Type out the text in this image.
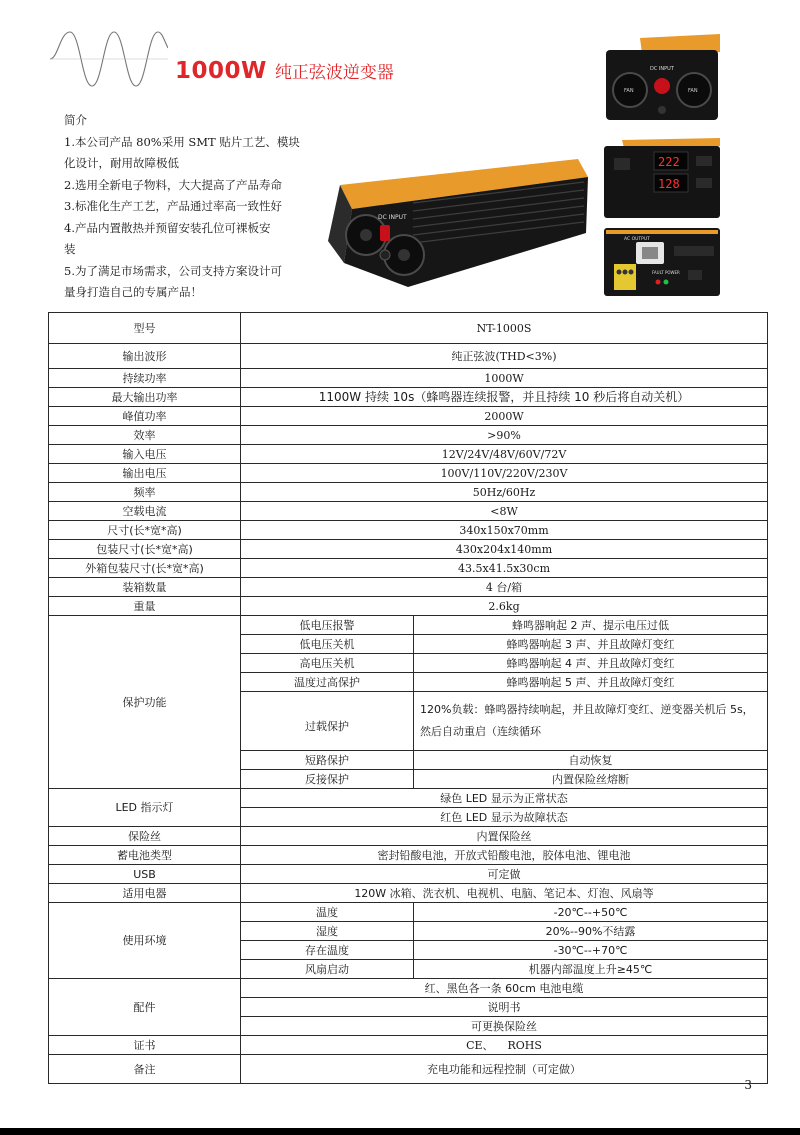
1000W 纯正弦波逆变器

简介

1.本公司产品 80%采用 SMT 贴片工艺、模块

化设计，耐用故障极低

2.选用全新电子物料，大大提高了产品寿命

3.标准化生产工艺，产品通过率高一致性好

4.产品内置散热并预留安装孔位可裸板安

装

5.为了满足市场需求，公司支持方案设计可

量身打造自己的专属产品！

DC INPUT
DC INPUT
FAN	FAN
222
128
AC OUTPUT
FAULT POWER
型号	NT-1000S	
输出波形	纯正弦波(THD<3%)	
持续功率	1000W	
最大输出功率	1100W 持续 10s（蜂鸣器连续报警，并且持续 10 秒后将自动关机）	
峰值功率	2000W	
效率	>90%	
输入电压	12V/24V/48V/60V/72V	
输出电压	100V/110V/220V/230V	
频率	50Hz/60Hz	
空载电流	<8W	
尺寸(长*宽*高)	340x150x70mm	
包装尺寸(长*宽*高)	430x204x140mm	
外箱包装尺寸(长*宽*高)	43.5x41.5x30cm	
装箱数量	4 台/箱	
重量	2.6kg	
保护功能	低电压报警	蜂鸣器响起 2 声、提示电压过低
	低电压关机	蜂鸣器响起 3 声、并且故障灯变红
	高电压关机	蜂鸣器响起 4 声、并且故障灯变红
	温度过高保护	蜂鸣器响起 5 声、并且故障灯变红
	过载保护	120%负载：蜂鸣器持续响起，并且故障灯变红、逆变器关机后 5s，然后自动重启（连续循环
	短路保护	自动恢复
	反接保护	内置保险丝熔断
LED 指示灯	绿色 LED 显示为正常状态	
	红色 LED 显示为故障状态	
保险丝	内置保险丝	
蓄电池类型	密封铅酸电池，开放式铅酸电池，胶体电池、锂电池	
USB	可定做	
适用电器	120W 冰箱、洗衣机、电视机、电脑、笔记本、灯泡、风扇等	
使用环境	温度	-20℃--+50℃
	湿度	20%--90%不结露
	存在温度	-30℃--+70℃
	风扇启动	机器内部温度上升≥45℃
配件	红、黑色各一条 60cm 电池电缆	
	说明书	
	可更换保险丝	
证书	CE、    ROHS	
备注	充电功能和远程控制（可定做）	
3
